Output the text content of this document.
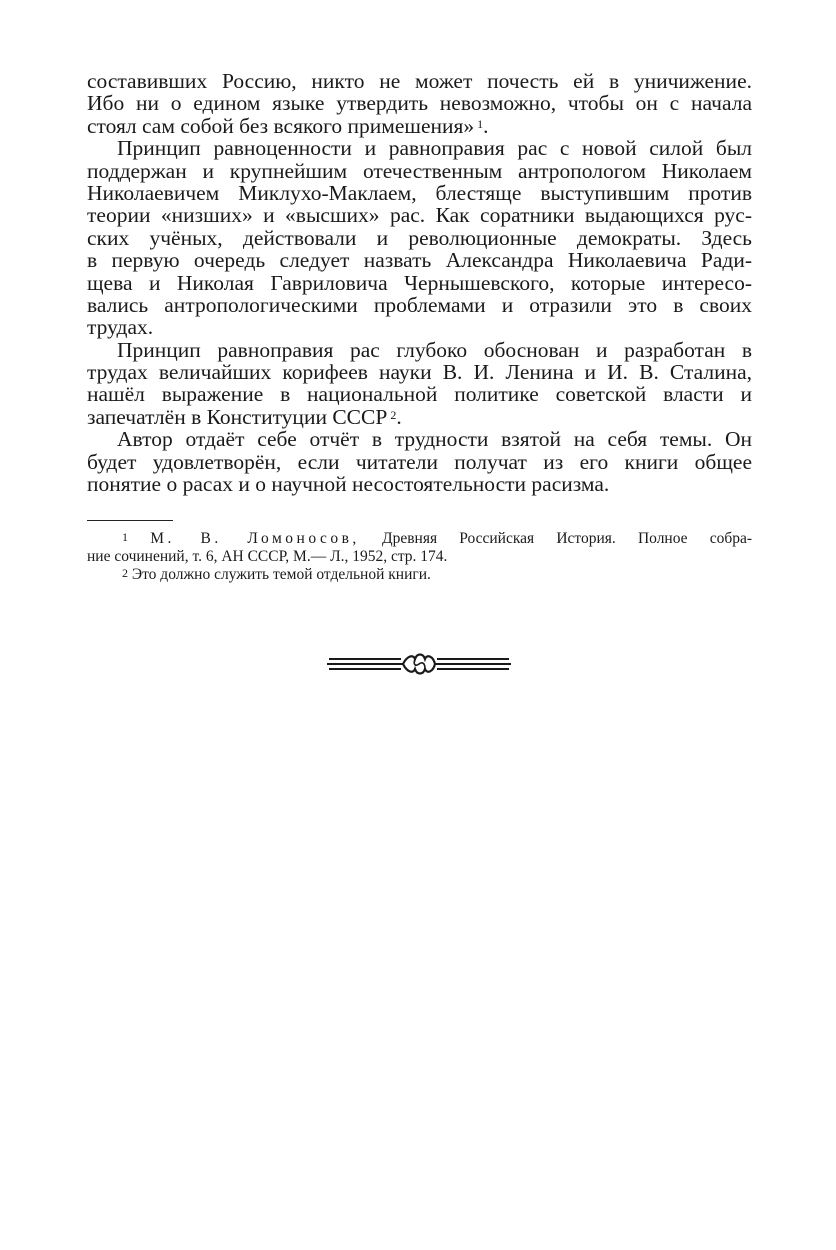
составивших Россию, никто не может почесть ей в уничижение.
Ибо ни о едином языке утвердить невозможно, чтобы он с начала
стоял сам собой без всякого примешения» $^1$.
Принцип равноценности и равноправия рас с новой силой был
поддержан и крупнейшим отечественным антропологом Николаем
Николаевичем Миклухо-Маклаем, блестяще выступившим против
теории «низших» и «высших» рас. Как соратники выдающихся рус-
ских учёных, действовали и революционные демократы. Здесь
в первую очередь следует назвать Александра Николаевича Ради-
щева и Николая Гавриловича Чернышевского, которые интересо-
вались антропологическими проблемами и отразили это в своих
трудах.
Принцип равноправия рас глубоко обоснован и разработан в
трудах величайших корифеев науки В. И. Ленина и И. В. Сталина,
нашёл выражение в национальной политике советской власти и
запечатлён в Конституции СССР $^2$.
Автор отдаёт себе отчёт в трудности взятой на себя темы. Он
будет удовлетворён, если читатели получат из его книги общее
понятие о расах и о научной несостоятельности расизма.
$^1$ М. В. Ломоносов, Древняя Российская История. Полное собра-
ние сочинений, т. 6, АН СССР, М.— Л., 1952, стр. 174.
$^2$ Это должно служить темой отдельной книги.
